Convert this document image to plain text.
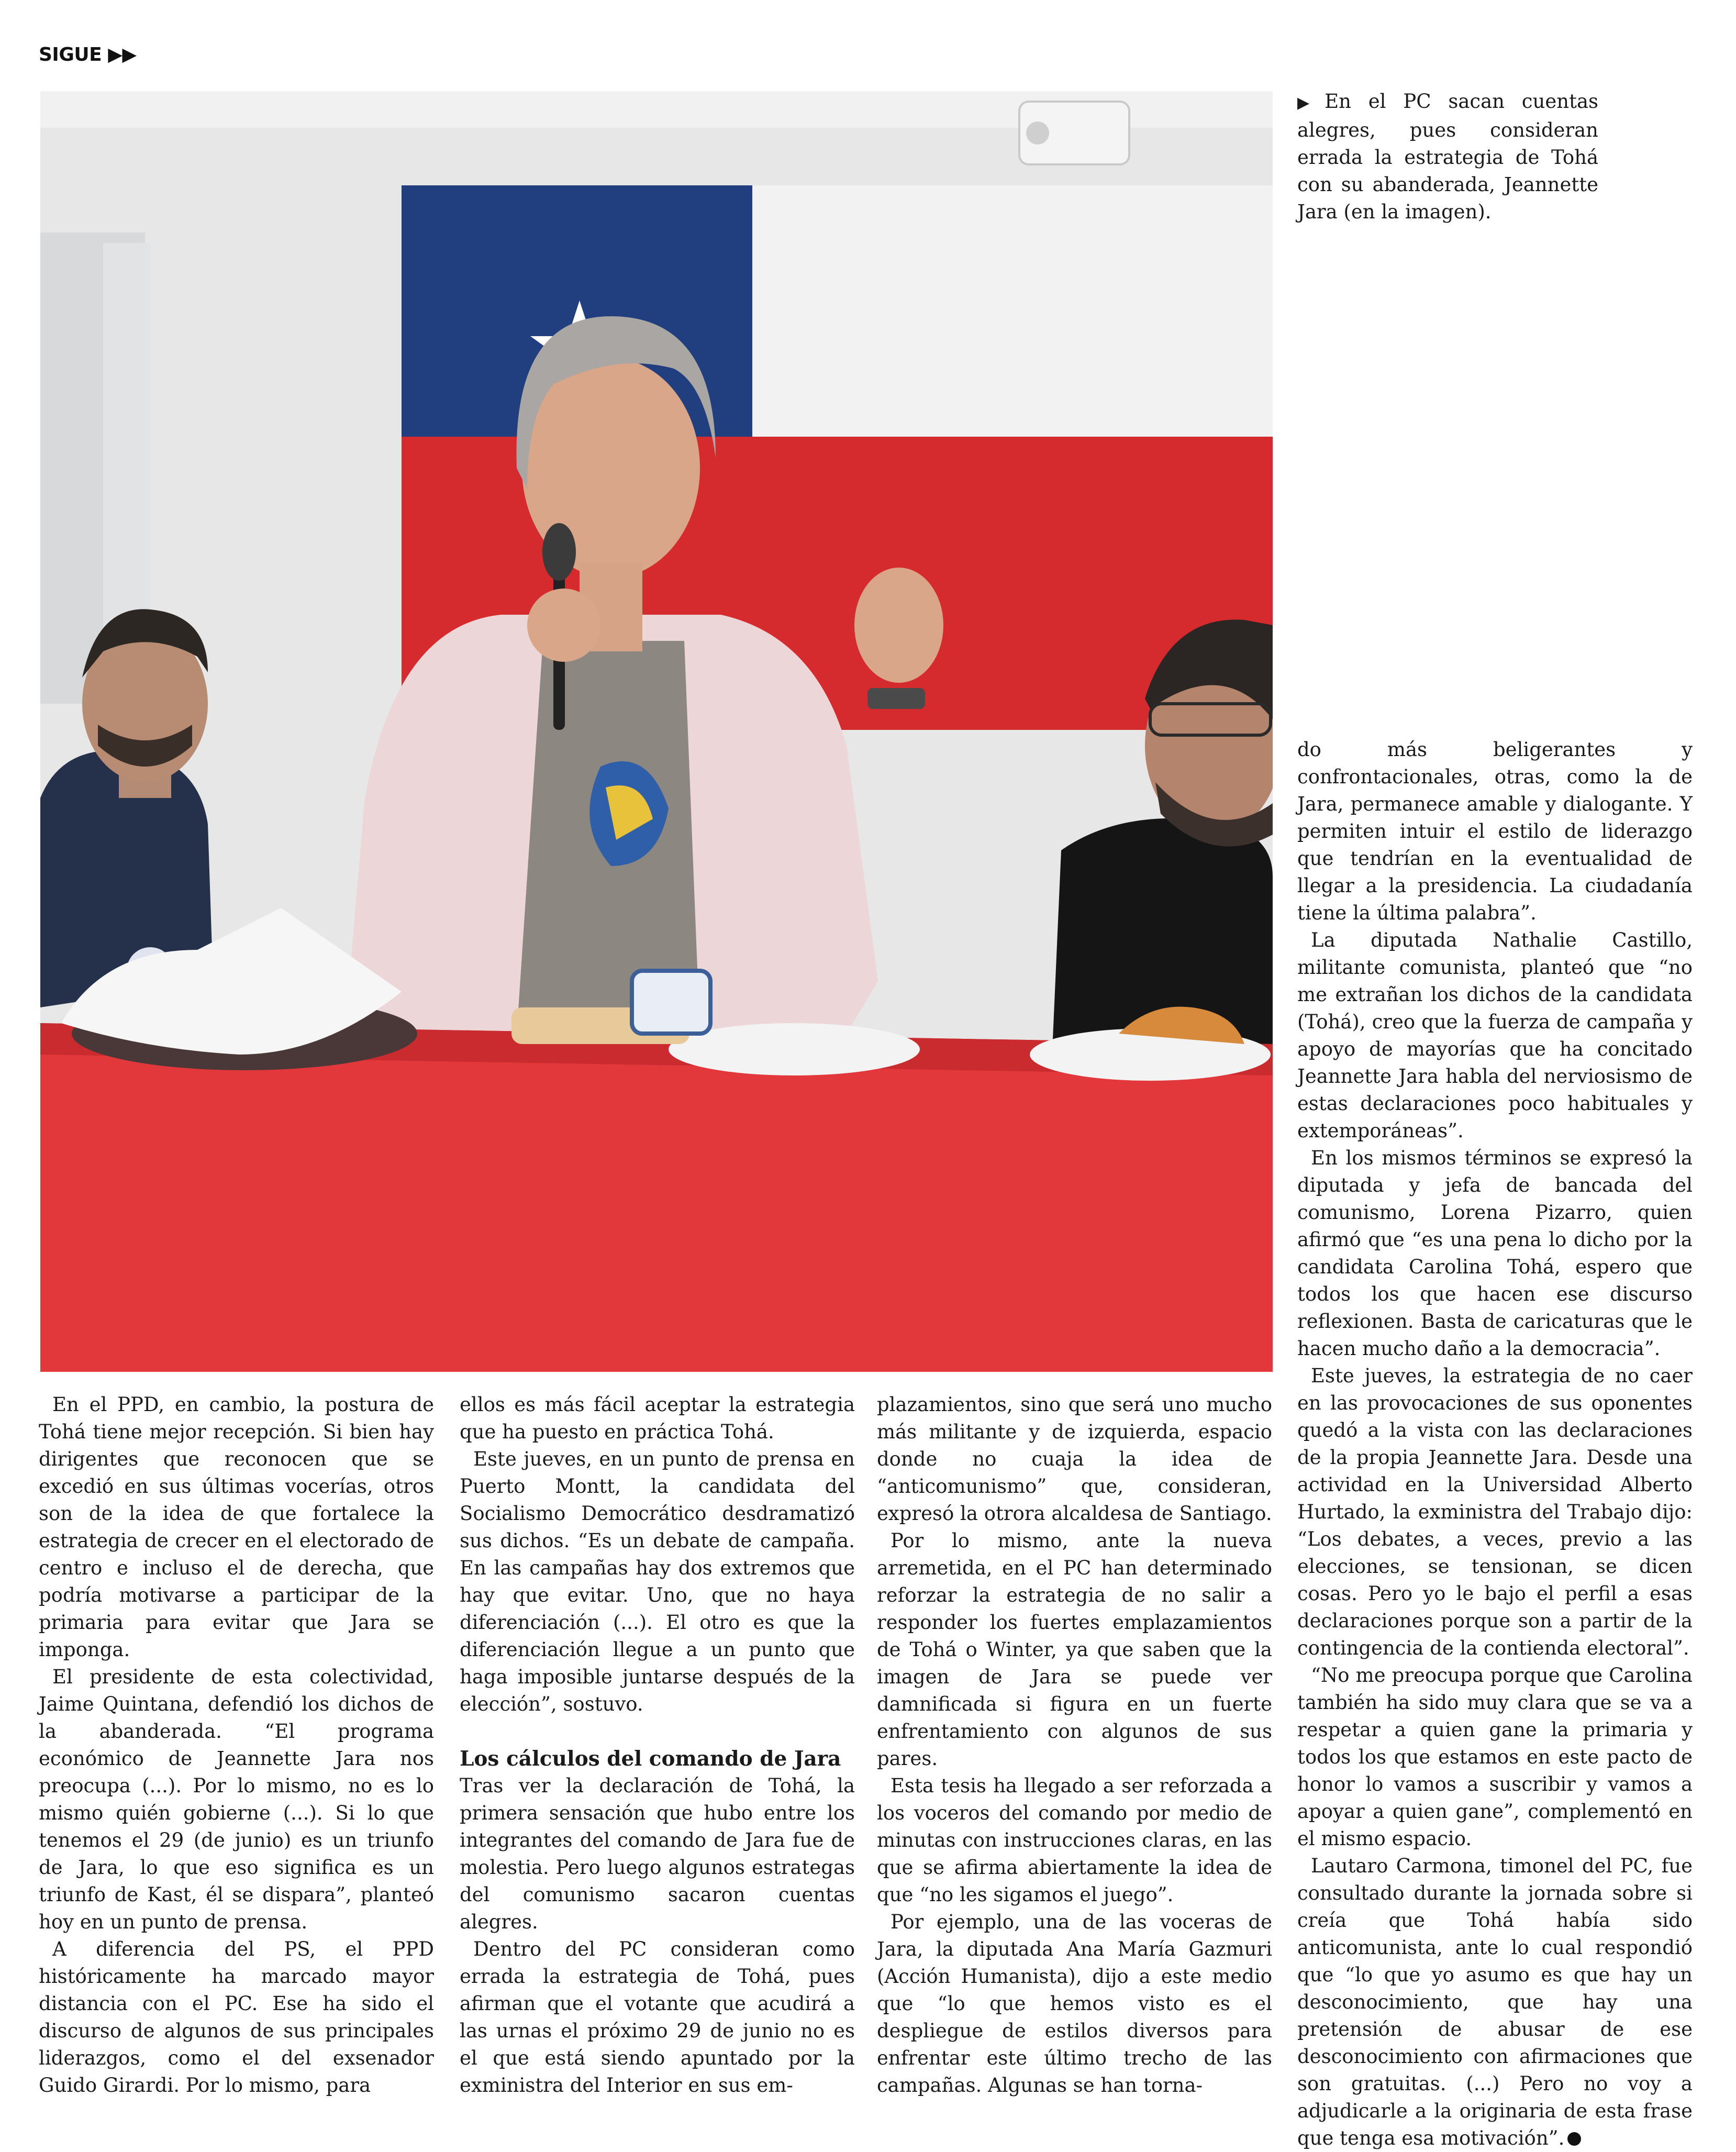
SIGUE ▶▶
▶ En el PC sacan cuentas alegres, pues consideran errada la estrategia de Tohá con su abanderada, Jeannette Jara (en la imagen).

En el PPD, en cambio, la postura de Tohá tiene mejor recepción. Si bien hay dirigentes que reconocen que se excedió en sus últimas vocerías, otros son de la idea de que fortalece la estrategia de crecer en el electorado de centro e incluso el de derecha, que podría motivarse a participar de la primaria para evitar que Jara se imponga.

El presidente de esta colectividad, Jaime Quintana, defendió los dichos de la abanderada. “El programa económico de Jeannette Jara nos preocupa (...). Por lo mismo, no es lo mismo quién gobierne (...). Si lo que tenemos el 29 (de junio) es un triunfo de Jara, lo que eso significa es un triunfo de Kast, él se dispara”, planteó hoy en un punto de prensa.

A diferencia del PS, el PPD históricamente ha marcado mayor distancia con el PC. Ese ha sido el discurso de algunos de sus principales liderazgos, como el del exsenador Guido Girardi. Por lo mismo, para

ellos es más fácil aceptar la estrategia que ha puesto en práctica Tohá.

Este jueves, en un punto de prensa en Puerto Montt, la candidata del Socialismo Democrático desdramatizó sus dichos. “Es un debate de campaña. En las campañas hay dos extremos que hay que evitar. Uno, que no haya diferenciación (...). El otro es que la diferenciación llegue a un punto que haga imposible juntarse después de la elección”, sostuvo.

Los cálculos del comando de Jara

Tras ver la declaración de Tohá, la primera sensación que hubo entre los integrantes del comando de Jara fue de molestia. Pero luego algunos estrategas del comunismo sacaron cuentas alegres.

Dentro del PC consideran como errada la estrategia de Tohá, pues afirman que el votante que acudirá a las urnas el próximo 29 de junio no es el que está siendo apuntado por la exministra del Interior en sus em-

plazamientos, sino que será uno mucho más militante y de izquierda, espacio donde no cuaja la idea de “anticomunismo” que, consideran, expresó la otrora alcaldesa de Santiago.

Por lo mismo, ante la nueva arremetida, en el PC han determinado reforzar la estrategia de no salir a responder los fuertes emplazamientos de Tohá o Winter, ya que saben que la imagen de Jara se puede ver damnificada si figura en un fuerte enfrentamiento con algunos de sus pares.

Esta tesis ha llegado a ser reforzada a los voceros del comando por medio de minutas con instrucciones claras, en las que se afirma abiertamente la idea de que “no les sigamos el juego”.

Por ejemplo, una de las voceras de Jara, la diputada Ana María Gazmuri (Acción Humanista), dijo a este medio que “lo que hemos visto es el despliegue de estilos diversos para enfrentar este último trecho de las campañas. Algunas se han torna-

do más beligerantes y confrontacionales, otras, como la de Jara, permanece amable y dialogante. Y permiten intuir el estilo de liderazgo que tendrían en la eventualidad de llegar a la presidencia. La ciudadanía tiene la última palabra”.

La diputada Nathalie Castillo, militante comunista, planteó que “no me extrañan los dichos de la candidata (Tohá), creo que la fuerza de campaña y apoyo de mayorías que ha concitado Jeannette Jara habla del nerviosismo de estas declaraciones poco habituales y extemporáneas”.

En los mismos términos se expresó la diputada y jefa de bancada del comunismo, Lorena Pizarro, quien afirmó que “es una pena lo dicho por la candidata Carolina Tohá, espero que todos los que hacen ese discurso reflexionen. Basta de caricaturas que le hacen mucho daño a la democracia”.

Este jueves, la estrategia de no caer en las provocaciones de sus oponentes quedó a la vista con las declaraciones de la propia Jeannette Jara. Desde una actividad en la Universidad Alberto Hurtado, la exministra del Trabajo dijo: “Los debates, a veces, previo a las elecciones, se tensionan, se dicen cosas. Pero yo le bajo el perfil a esas declaraciones porque son a partir de la contingencia de la contienda electoral”.

“No me preocupa porque que Carolina también ha sido muy clara que se va a respetar a quien gane la primaria y todos los que estamos en este pacto de honor lo vamos a suscribir y vamos a apoyar a quien gane”, complementó en el mismo espacio.

Lautaro Carmona, timonel del PC, fue consultado durante la jornada sobre si creía que Tohá había sido anticomunista, ante lo cual respondió que “lo que yo asumo es que hay un desconocimiento, que hay una pretensión de abusar de ese desconocimiento con afirmaciones que son gratuitas. (...) Pero no voy a adjudicarle a la originaria de esta frase que tenga esa motivación”.
